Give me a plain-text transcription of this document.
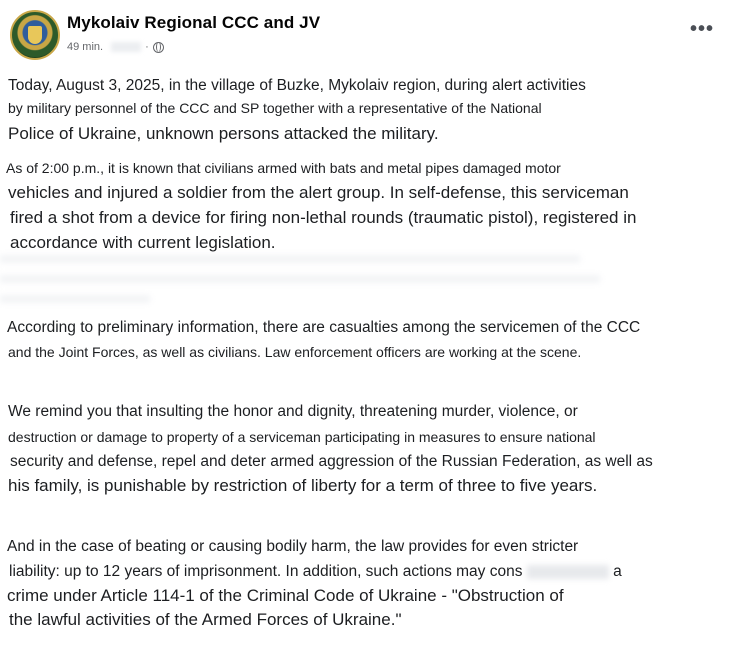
Mykolaiv Regional CCC and JV
49 min.	·
•••
Today, August 3, 2025, in the village of Buzke, Mykolaiv region, during alert activities
by military personnel of the CCC and SP together with a representative of the National
Police of Ukraine, unknown persons attacked the military.
As of 2:00 p.m., it is known that civilians armed with bats and metal pipes damaged motor
vehicles and injured a soldier from the alert group. In self-defense, this serviceman
fired a shot from a device for firing non-lethal rounds (traumatic pistol), registered in
accordance with current legislation.
According to preliminary information, there are casualties among the servicemen of the CCC
and the Joint Forces, as well as civilians. Law enforcement officers are working at the scene.
We remind you that insulting the honor and dignity, threatening murder, violence, or
destruction or damage to property of a serviceman participating in measures to ensure national
security and defense, repel and deter armed aggression of the Russian Federation, as well as
his family, is punishable by restriction of liberty for a term of three to five years.
And in the case of beating or causing bodily harm, the law provides for even stricter
liability: up to 12 years of imprisonment. In addition, such actions may cons	a
crime under Article 114-1 of the Criminal Code of Ukraine - "Obstruction of
the lawful activities of the Armed Forces of Ukraine."
